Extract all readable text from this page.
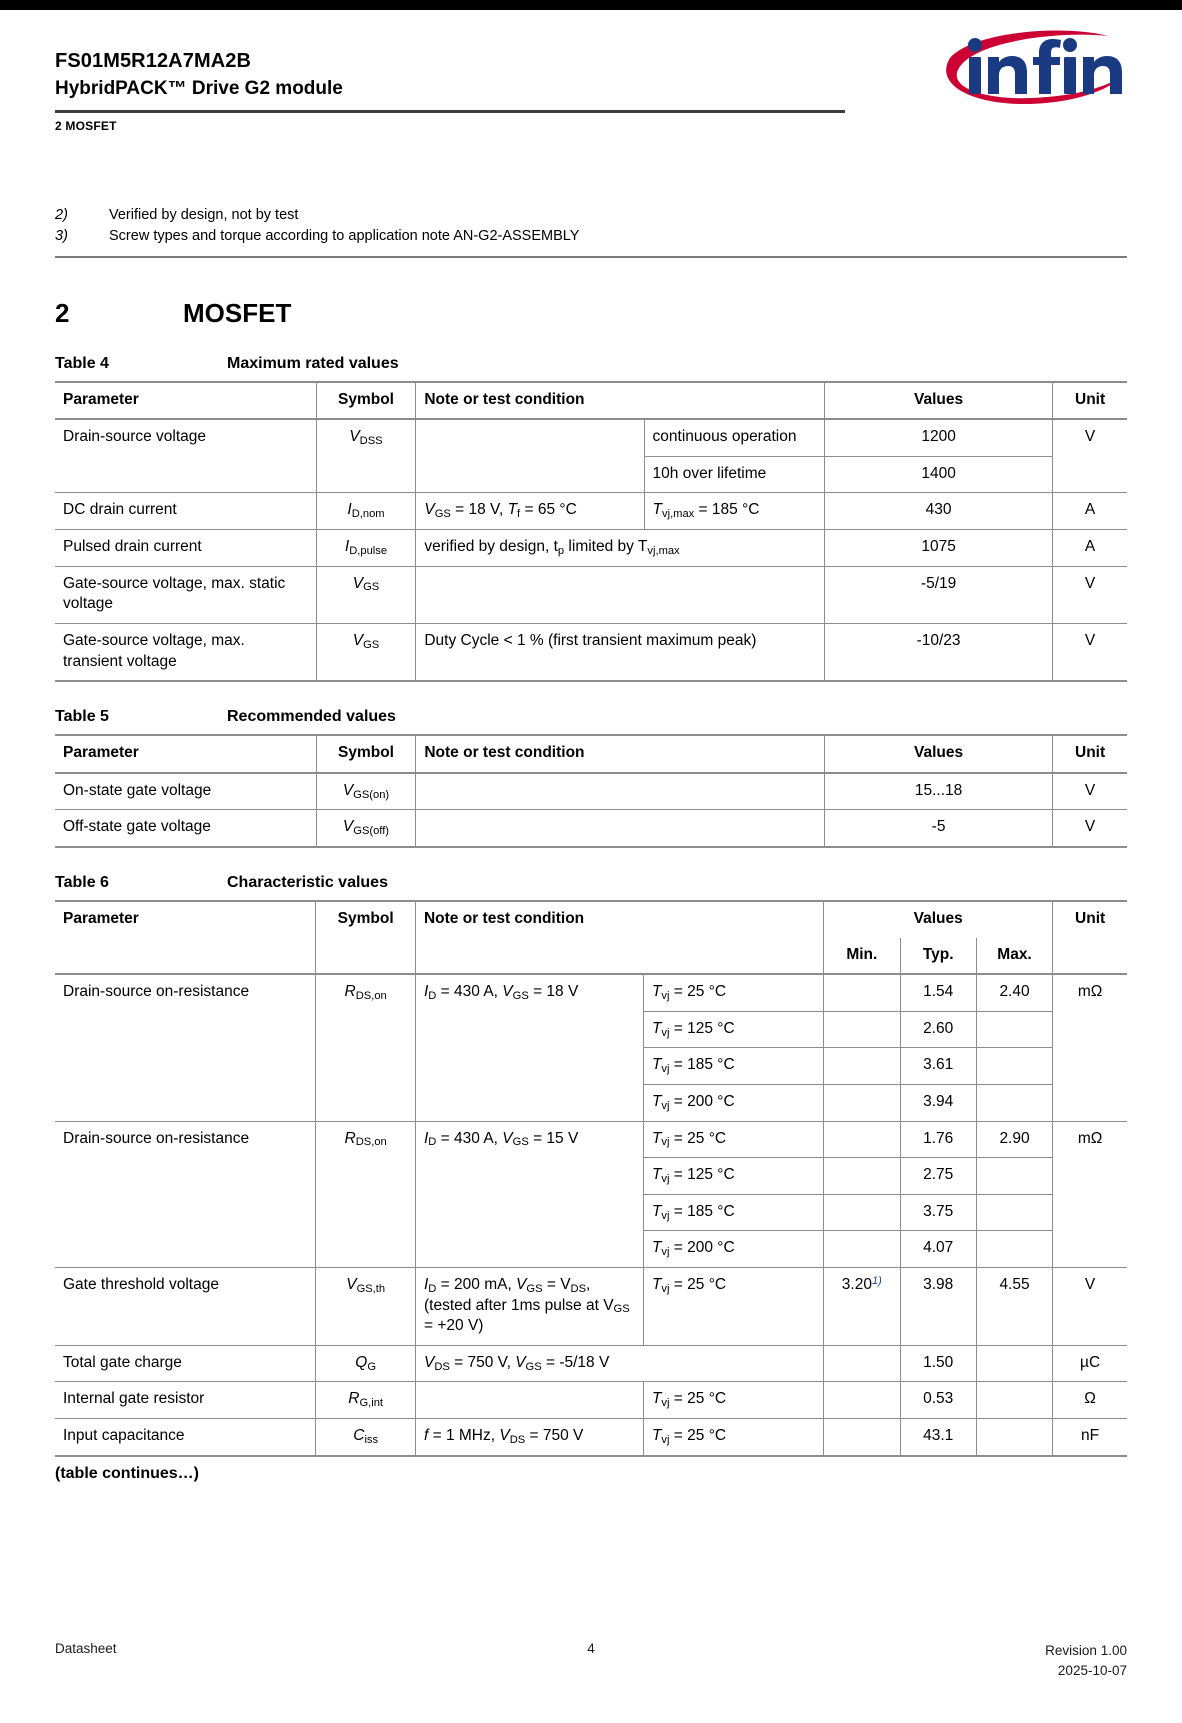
FS01M5R12A7MA2B
HybridPACK™ Drive G2 module
2 MOSFET
2)	Verified by design, not by test
3)	Screw types and torque according to application note AN-G2-ASSEMBLY
2	MOSFET
Table 4	Maximum rated values
Parameter	Symbol	Note or test condition		Values	Unit
Drain-source voltage	$V_{DSS}$		continuous operation	1200	V
			10h over lifetime	1400	
DC drain current	$I_{D,nom}$	$V_{GS} = 18$ V, $T_f = 65$ °C	$T_{vj,max} = 185$ °C	430	A
Pulsed drain current	$I_{D,pulse}$	verified by design, $t_p$ limited by $T_{vj,max}$		1075	A
Gate-source voltage, max. static voltage	$V_{GS}$			-5/19	V
Gate-source voltage, max. transient voltage	$V_{GS}$	Duty Cycle < 1 % (first transient maximum peak)		-10/23	V
Table 5	Recommended values
Parameter	Symbol	Note or test condition	Values	Unit
On-state gate voltage	$V_{GS(on)}$		15...18	V
Off-state gate voltage	$V_{GS(off)}$		-5	V
Table 6	Characteristic values
Parameter	Symbol	Note or test condition		Values			Unit
				Min.	Typ.	Max.	
Drain-source on-resistance	$R_{DS,on}$	$I_D = 430$ A, $V_{GS} = 18$ V	$T_{vj} = 25$ °C		1.54	2.40	mΩ
			$T_{vj} = 125$ °C		2.60		
			$T_{vj} = 185$ °C		3.61		
			$T_{vj} = 200$ °C		3.94		
Drain-source on-resistance	$R_{DS,on}$	$I_D = 430$ A, $V_{GS} = 15$ V	$T_{vj} = 25$ °C		1.76	2.90	mΩ
			$T_{vj} = 125$ °C		2.75		
			$T_{vj} = 185$ °C		3.75		
			$T_{vj} = 200$ °C		4.07		
Gate threshold voltage	$V_{GS,th}$	$I_D = 200$ mA, $V_{GS} = V_{DS}$, (tested after 1ms pulse at $V_{GS} = +20$ V)	$T_{vj} = 25$ °C	3.20$^{1)}$	3.98	4.55	V
Total gate charge	$Q_G$	$V_{DS} = 750$ V, $V_{GS} = -5/18$ V			1.50		µC
Internal gate resistor	$R_{G,int}$		$T_{vj} = 25$ °C		0.53		Ω
Input capacitance	$C_{iss}$	f = 1 MHz, $V_{DS} = 750$ V	$T_{vj} = 25$ °C		43.1		nF
(table continues…)
Datasheet	4	Revision 1.00
2025-10-07
